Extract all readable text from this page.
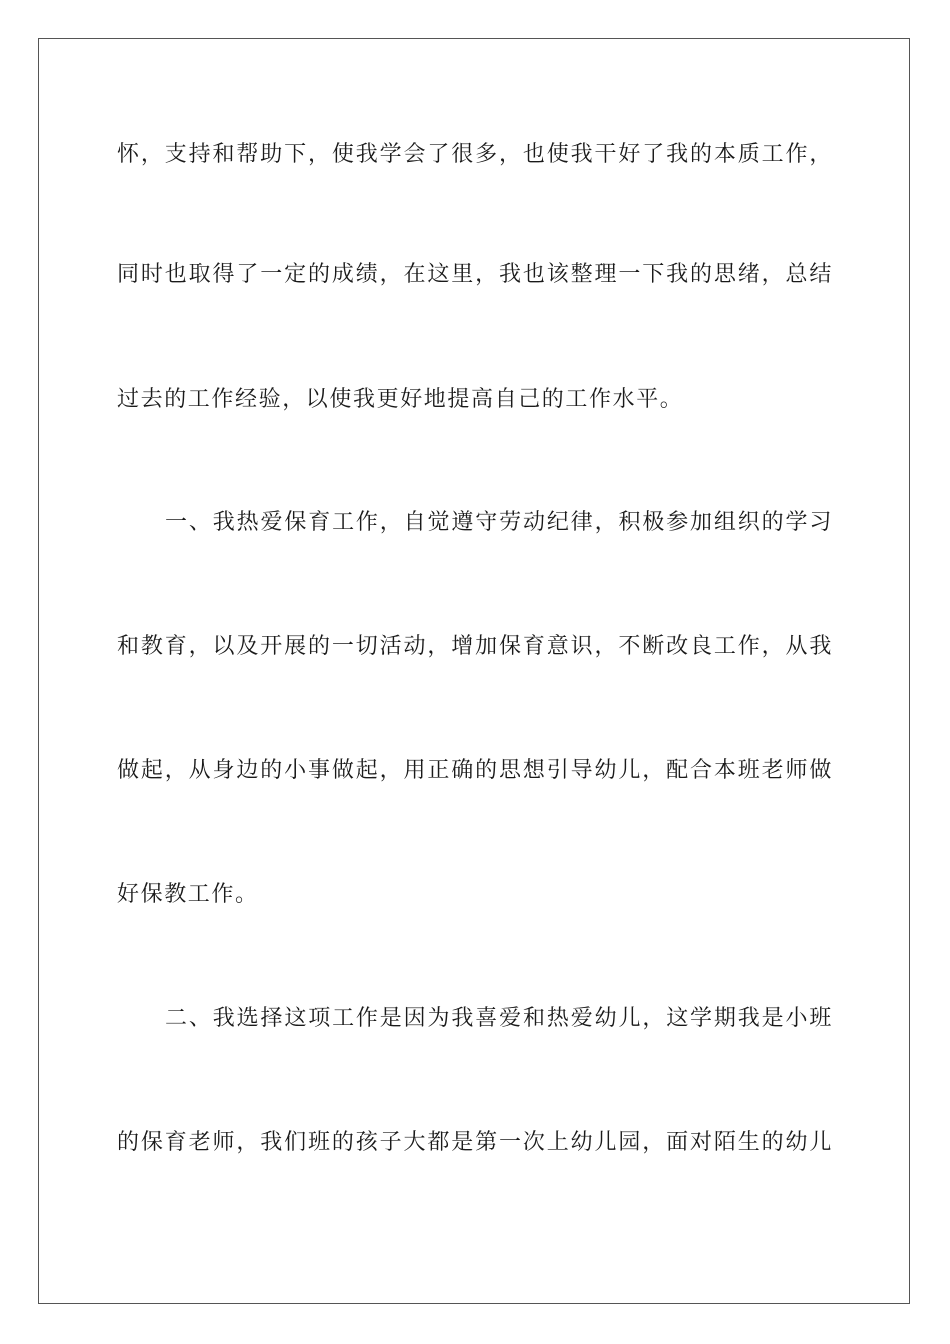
怀，支持和帮助下，使我学会了很多，也使我干好了我的本质工作，
同时也取得了一定的成绩，在这里，我也该整理一下我的思绪，总结
过去的工作经验，以使我更好地提高自己的工作水平。
一、我热爱保育工作，自觉遵守劳动纪律，积极参加组织的学习
和教育，以及开展的一切活动，增加保育意识，不断改良工作，从我
做起，从身边的小事做起，用正确的思想引导幼儿，配合本班老师做
好保教工作。
二、我选择这项工作是因为我喜爱和热爱幼儿，这学期我是小班
的保育老师，我们班的孩子大都是第一次上幼儿园，面对陌生的幼儿
